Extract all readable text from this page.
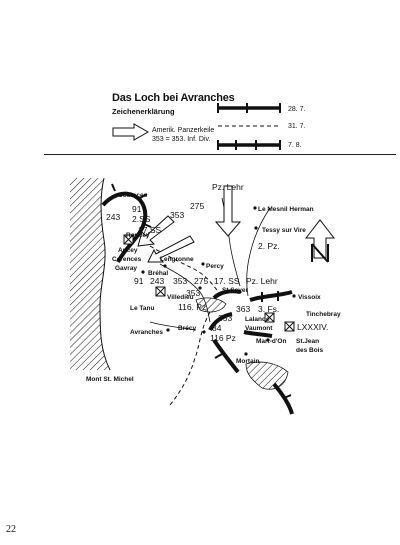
Das Loch bei Avranches
Zeichenerklärung
Amerik. Panzerkeile
353 = 353. Inf. Div.
28. 7.
31. 7.
7. 8.
Coutaces
Le Mesnil Herman
Tessy sur Vire
Percy
Lengronne
Gavray
Bréhal
Cerences
Aucey
Roncey
Villedieu
St.Sever
Le Tanu
Vissoix
Tinchebray
Lalande
Vaumont
Mart-d'On St.Jean
des Bois
Avranches
Brécy
Mont St. Michel
Mortain
243
91
2.SS 353
275
17.SS
Pz. Lehr
2. Pz.
91 243 353 275 17. SS Pz. Lehr
353
116. Pz.	363 3. Fs.
353
84
116 Pz
LXXXIV.
22
